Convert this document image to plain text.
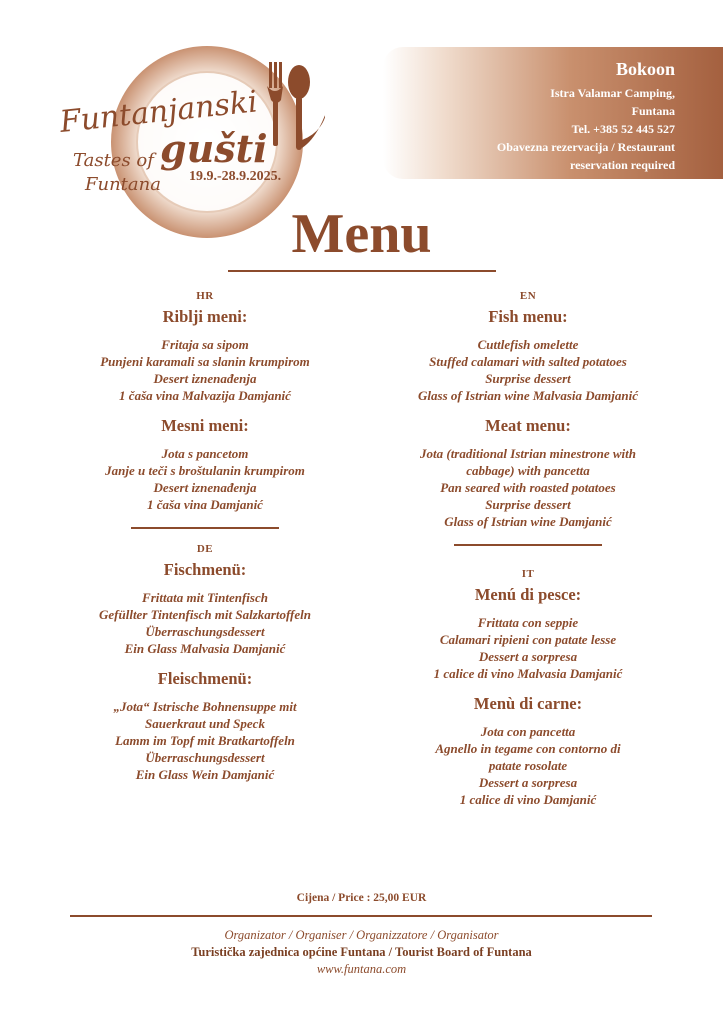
Funtanjanski
Tastes of gušti
Funtana 19.9.-28.9.2025.
Bokoon
Istra Valamar Camping,
Funtana
Tel. +385 52 445 527
Obavezna rezervacija / Restaurant
reservation required
Menu
HR
Riblji meni:
Fritaja sa sipom
Punjeni karamali sa slanin krumpirom
Desert iznenađenja
1 čaša vina Malvazija Damjanić
Mesni meni:
Jota s pancetom
Janje u teči s broštulanin krumpirom
Desert iznenađenja
1 čaša vina Damjanić
DE
Fischmenü:
Frittata mit Tintenfisch
Gefüllter Tintenfisch mit Salzkartoffeln
Überraschungsdessert
Ein Glass Malvasia Damjanić
Fleischmenü:
„Jota“ Istrische Bohnensuppe mit
Sauerkraut und Speck
Lamm im Topf mit Bratkartoffeln
Überraschungsdessert
Ein Glass Wein Damjanić
EN
Fish menu:
Cuttlefish omelette
Stuffed calamari with salted potatoes
Surprise dessert
Glass of Istrian wine Malvasia Damjanić
Meat menu:
Jota (traditional Istrian minestrone with
cabbage) with pancetta
Pan seared with roasted potatoes
Surprise dessert
Glass of Istrian wine Damjanić
IT
Menú di pesce:
Frittata con seppie
Calamari ripieni con patate lesse
Dessert a sorpresa
1 calice di vino Malvasia Damjanić
Menù di carne:
Jota con pancetta
Agnello in tegame con contorno di
patate rosolate
Dessert a sorpresa
1 calice di vino Damjanić
Cijena / Price : 25,00 EUR
Organizator / Organiser / Organizzatore / Organisator
Turistička zajednica općine Funtana / Tourist Board of Funtana
www.funtana.com
